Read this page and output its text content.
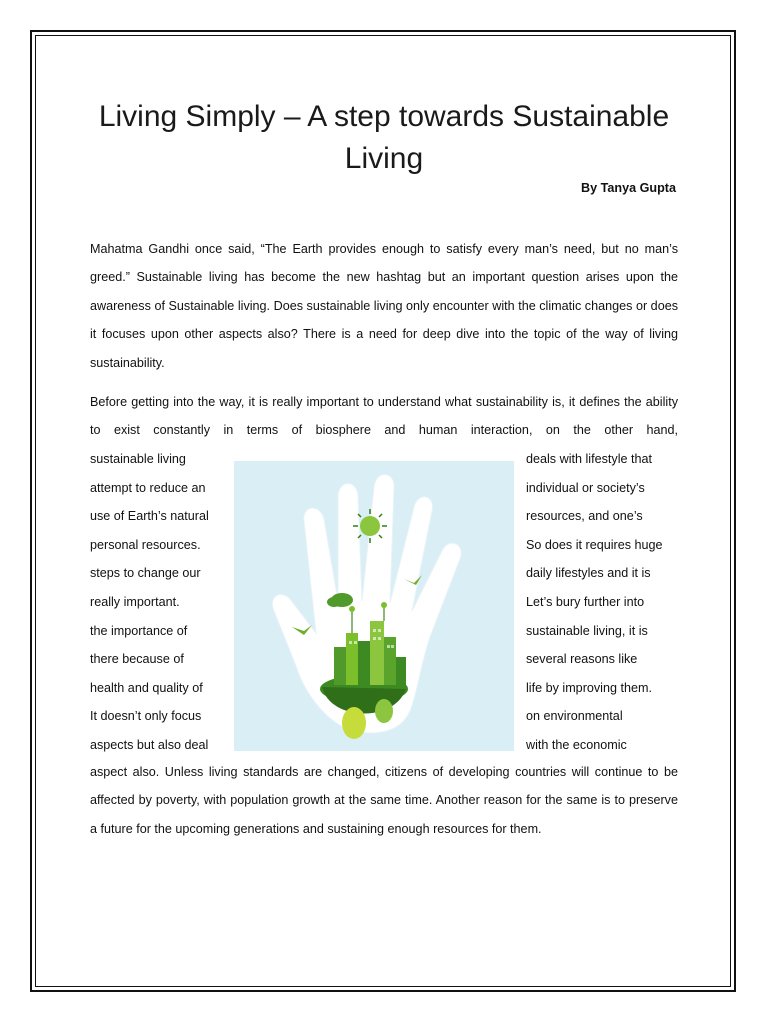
Living Simply – A step towards Sustainable Living
By Tanya Gupta

Mahatma Gandhi once said, “The Earth provides enough to satisfy every man’s need, but no man’s greed.” Sustainable living has become the new hashtag but an important question arises upon the awareness of Sustainable living. Does sustainable living only encounter with the climatic changes or does it focuses upon other aspects also? There is a need for deep dive into the topic of the way of living sustainability.

Before getting into the way, it is really important to understand what sustainability is, it defines the ability to exist constantly in terms of biosphere and human interaction, on the other hand,

sustainable living
attempt to reduce an
use of Earth’s natural
personal resources.
steps to change our
really important.
the importance of
there because of
health and quality of
It doesn’t only focus
aspects but also deal
deals with lifestyle that
individual or society’s
resources, and one’s
So does it requires huge
daily lifestyles and it is
Let’s bury further into
sustainable living, it is
several reasons like
life by improving them.
on environmental
with the economic

aspect also. Unless living standards are changed, citizens of developing countries will continue to be affected by poverty, with population growth at the same time. Another reason for the same is to preserve a future for the upcoming generations and sustaining enough resources for them.
